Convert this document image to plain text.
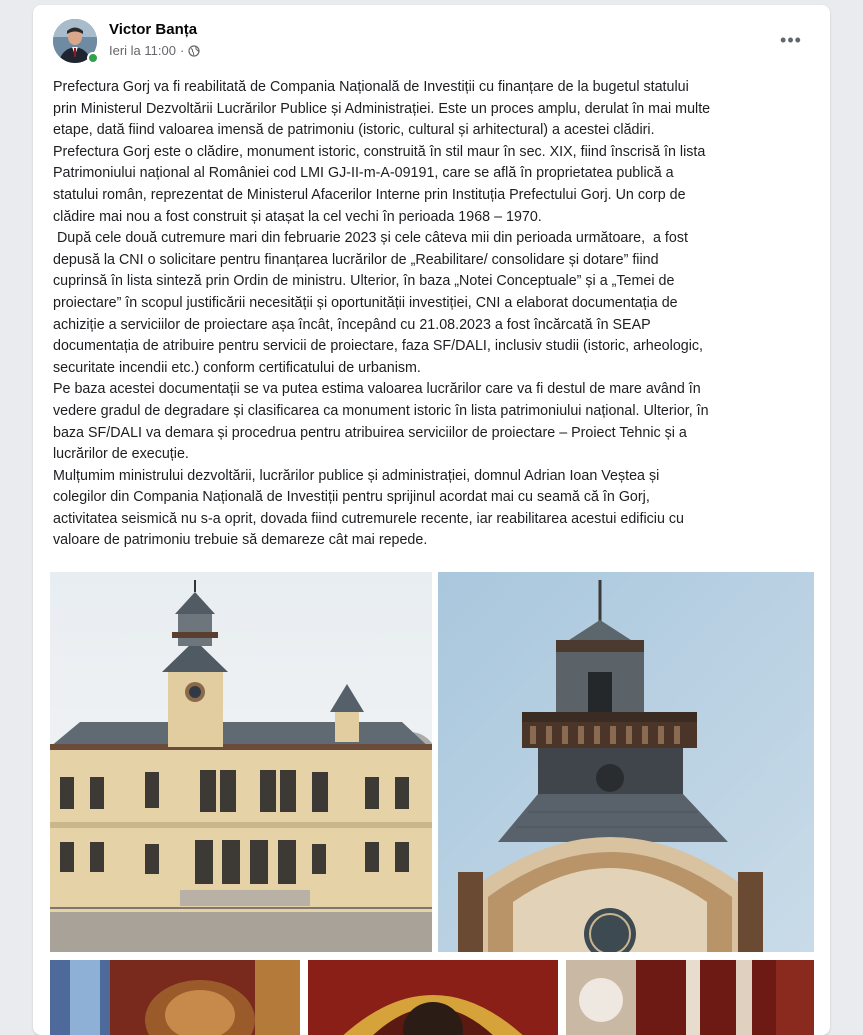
Victor Banța
Ieri la 11:00 ·
•••

Prefectura Gorj va fi reabilitată de Compania Națională de Investiții cu finanțare de la bugetul statului

prin Ministerul Dezvoltării Lucrărilor Publice și Administrației. Este un proces amplu, derulat în mai multe

etape, dată fiind valoarea imensă de patrimoniu (istoric, cultural și arhitectural) a acestei clădiri.

Prefectura Gorj este o clădire, monument istoric, construită în stil maur în sec. XIX, fiind înscrisă în lista

Patrimoniului național al României cod LMI GJ-II-m-A-09191, care se află în proprietatea publică a

statului român, reprezentat de Ministerul Afacerilor Interne prin Instituția Prefectului Gorj. Un corp de

clădire mai nou a fost construit și atașat la cel vechi în perioada 1968 – 1970.

După cele două cutremure mari din februarie 2023 și cele câteva mii din perioada următoare,  a fost

depusă la CNI o solicitare pentru finanțarea lucrărilor de „Reabilitare/ consolidare și dotare” fiind

cuprinsă în lista sinteză prin Ordin de ministru. Ulterior, în baza „Notei Conceptuale” și a „Temei de

proiectare” în scopul justificării necesității și oportunității investiției, CNI a elaborat documentația de

achiziție a serviciilor de proiectare așa încât, începând cu 21.08.2023 a fost încărcată în SEAP

documentația de atribuire pentru servicii de proiectare, faza SF/DALI, inclusiv studii (istoric, arheologic,

securitate incendii etc.) conform certificatului de urbanism.

Pe baza acestei documentații se va putea estima valoarea lucrărilor care va fi destul de mare având în

vedere gradul de degradare și clasificarea ca monument istoric în lista patrimoniului național. Ulterior, în

baza SF/DALI va demara și procedrua pentru atribuirea serviciilor de proiectare – Proiect Tehnic și a

lucrărilor de execuție.

Mulțumim ministrului dezvoltării, lucrărilor publice și administrației, domnul Adrian Ioan Veștea și

colegilor din Compania Națională de Investiții pentru sprijinul acordat mai cu seamă că în Gorj,

activitatea seismică nu s-a oprit, dovada fiind cutremurele recente, iar reabilitarea acestui edificiu cu

valoare de patrimoniu trebuie să demareze cât mai repede.
